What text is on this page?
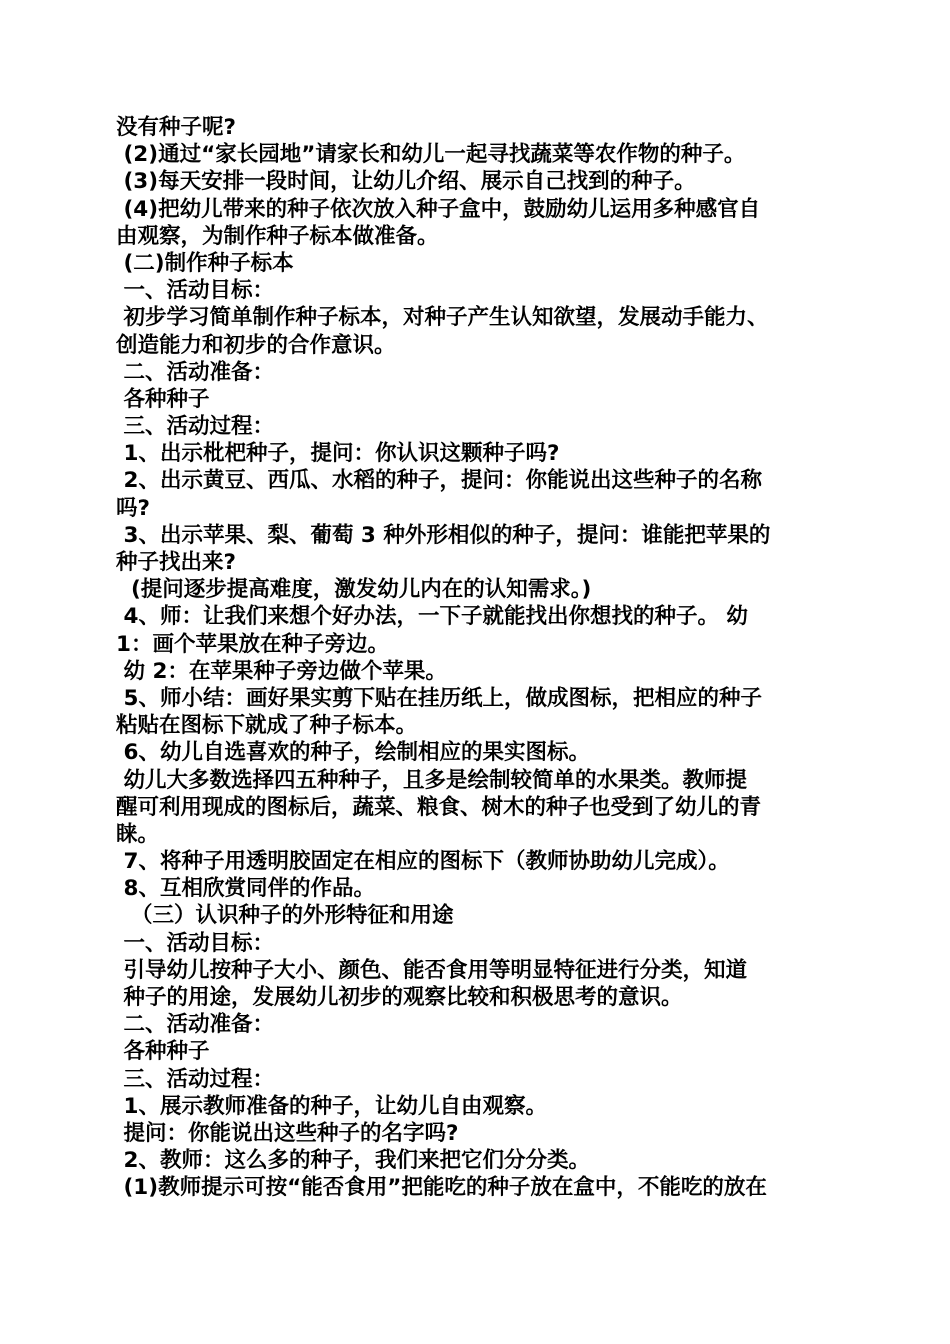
没有种子呢?
(2)通过“家长园地”请家长和幼儿一起寻找蔬菜等农作物的种子。
(3)每天安排一段时间，让幼儿介绍、展示自己找到的种子。
(4)把幼儿带来的种子依次放入种子盒中，鼓励幼儿运用多种感官自
由观察，为制作种子标本做准备。
(二)制作种子标本
一、活动目标：
初步学习简单制作种子标本，对种子产生认知欲望，发展动手能力、
创造能力和初步的合作意识。
二、活动准备：
各种种子
三、活动过程：
1、出示枇杷种子，提问：你认识这颗种子吗?
2、出示黄豆、西瓜、水稻的种子，提问：你能说出这些种子的名称
吗?
3、出示苹果、梨、葡萄 3 种外形相似的种子，提问：谁能把苹果的
种子找出来?
(提问逐步提高难度，激发幼儿内在的认知需求。)
4、师：让我们来想个好办法，一下子就能找出你想找的种子。 幼
1：画个苹果放在种子旁边。
幼 2：在苹果种子旁边做个苹果。
5、师小结：画好果实剪下贴在挂历纸上，做成图标，把相应的种子
粘贴在图标下就成了种子标本。
6、幼儿自选喜欢的种子，绘制相应的果实图标。
幼儿大多数选择四五种种子，且多是绘制较简单的水果类。教师提
醒可利用现成的图标后，蔬菜、粮食、树木的种子也受到了幼儿的青
睐。
7、将种子用透明胶固定在相应的图标下（教师协助幼儿完成）。
8、互相欣赏同伴的作品。
（三）认识种子的外形特征和用途
一、活动目标：
引导幼儿按种子大小、颜色、能否食用等明显特征进行分类，知道
种子的用途，发展幼儿初步的观察比较和积极思考的意识。
二、活动准备：
各种种子
三、活动过程：
1、展示教师准备的种子，让幼儿自由观察。
提问：你能说出这些种子的名字吗?
2、教师：这么多的种子，我们来把它们分分类。
(1)教师提示可按“能否食用”把能吃的种子放在盒中，不能吃的放在
